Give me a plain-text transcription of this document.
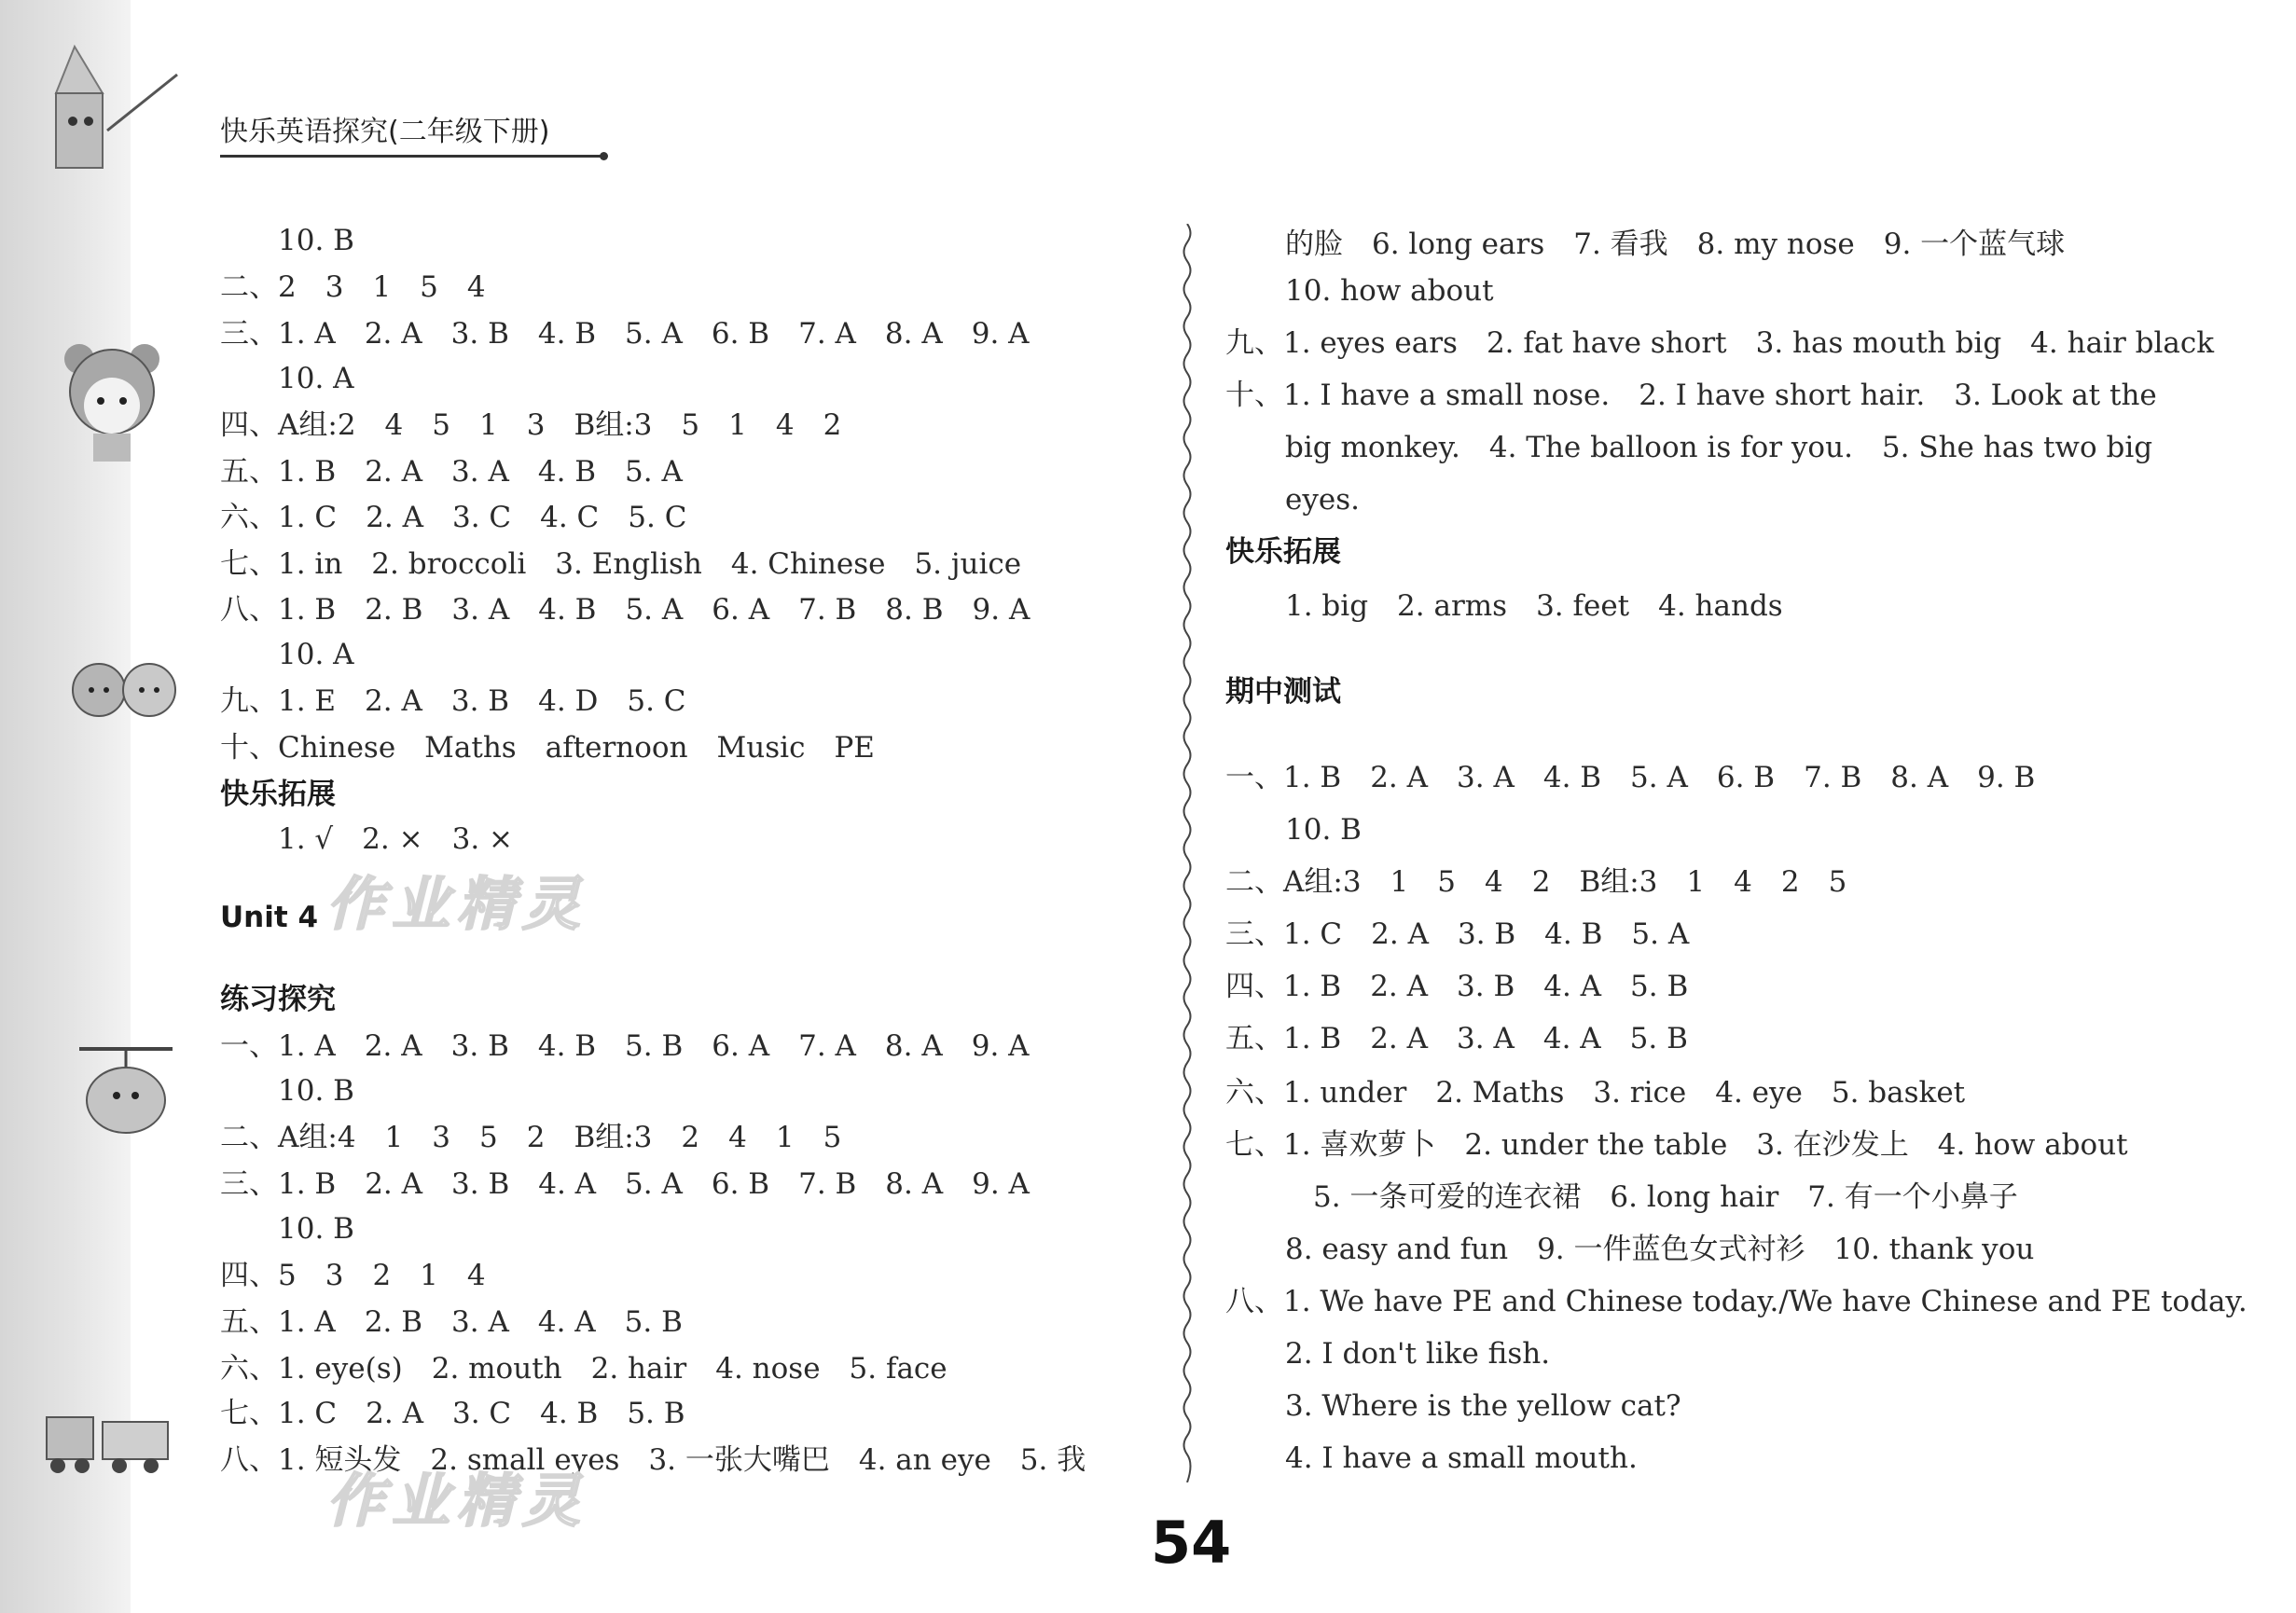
快乐英语探究(二年级下册)
10. B
二、2　3　1　5　4
三、1. A　2. A　3. B　4. B　5. A　6. B　7. A　8. A　9. A
10. A
四、A组:2　4　5　1　3　B组:3　5　1　4　2
五、1. B　2. A　3. A　4. B　5. A
六、1. C　2. A　3. C　4. C　5. C
七、1. in　2. broccoli　3. English　4. Chinese　5. juice
八、1. B　2. B　3. A　4. B　5. A　6. A　7. B　8. B　9. A
10. A
九、1. E　2. A　3. B　4. D　5. C
十、Chinese　Maths　afternoon　Music　PE
快乐拓展
1. √　2. ×　3. ×
Unit 4
练习探究
一、1. A　2. A　3. B　4. B　5. B　6. A　7. A　8. A　9. A
10. B
二、A组:4　1　3　5　2　B组:3　2　4　1　5
三、1. B　2. A　3. B　4. A　5. A　6. B　7. B　8. A　9. A
10. B
四、5　3　2　1　4
五、1. A　2. B　3. A　4. A　5. B
六、1. eye(s)　2. mouth　2. hair　4. nose　5. face
七、1. C　2. A　3. C　4. B　5. B
八、1. 短头发　2. small eyes　3. 一张大嘴巴　4. an eye　5. 我
的脸　6. long ears　7. 看我　8. my nose　9. 一个蓝气球
10. how about
九、1. eyes ears　2. fat have short　3. has mouth big　4. hair black
十、1. I have a small nose.　2. I have short hair.　3. Look at the
big monkey.　4. The balloon is for you.　5. She has two big
eyes.
快乐拓展
1. big　2. arms　3. feet　4. hands
期中测试
一、1. B　2. A　3. A　4. B　5. A　6. B　7. B　8. A　9. B
10. B
二、A组:3　1　5　4　2　B组:3　1　4　2　5
三、1. C　2. A　3. B　4. B　5. A
四、1. B　2. A　3. B　4. A　5. B
五、1. B　2. A　3. A　4. A　5. B
六、1. under　2. Maths　3. rice　4. eye　5. basket
七、1. 喜欢萝卜　2. under the table　3. 在沙发上　4. how about
5. 一条可爱的连衣裙　6. long hair　7. 有一个小鼻子
8. easy and fun　9. 一件蓝色女式衬衫　10. thank you
八、1. We have PE and Chinese today./We have Chinese and PE today.
2. I don't like fish.
3. Where is the yellow cat?
4. I have a small mouth.
作业精灵
作业精灵
54
